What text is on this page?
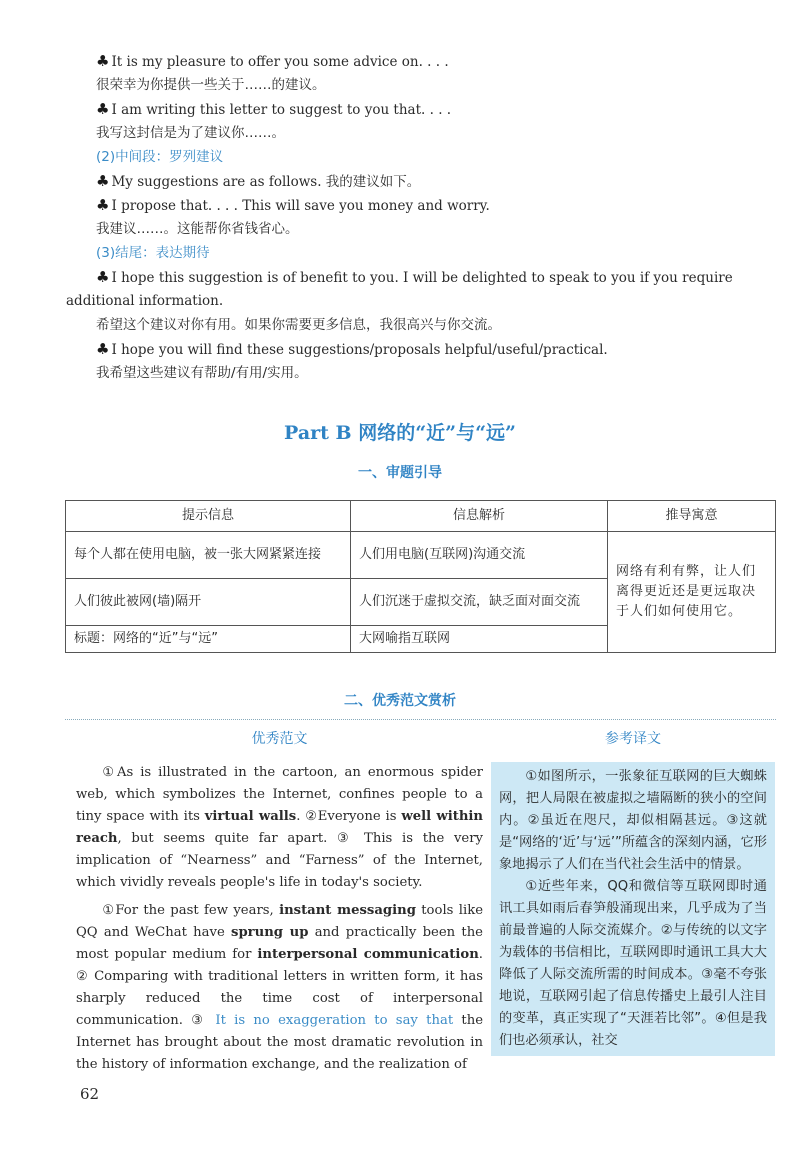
♣ It is my pleasure to offer you some advice on. . . .
很荣幸为你提供一些关于……的建议。
♣ I am writing this letter to suggest to you that. . . .
我写这封信是为了建议你……。
(2)中间段：罗列建议
♣ My suggestions are as follows. 我的建议如下。
♣ I propose that. . . . This will save you money and worry.
我建议……。这能帮你省钱省心。
(3)结尾：表达期待
♣ I hope this suggestion is of benefit to you. I will be delighted to speak to you if you require
additional information.
希望这个建议对你有用。如果你需要更多信息，我很高兴与你交流。
♣ I hope you will find these suggestions/proposals helpful/useful/practical.
我希望这些建议有帮助/有用/实用。
Part B 网络的“近”与“远”
一、审题引导
提示信息	信息解析	推导寓意
每个人都在使用电脑，被一张大网紧紧连接	人们用电脑(互联网)沟通交流	网络有利有弊，让人们离得更近还是更远取决于人们如何使用它。
人们彼此被网(墙)隔开	人们沉迷于虚拟交流，缺乏面对面交流	
标题：网络的“近”与“远”	大网喻指互联网	
二、优秀范文赏析
优秀范文

①As is illustrated in the cartoon, an enormous spider web, which symbolizes the Internet, confines people to a tiny space with its virtual walls. ②Everyone is well within reach, but seems quite far apart. ③ This is the very implication of “Nearness” and “Farness” of the Internet, which vividly reveals people's life in today's society.

①For the past few years, instant messaging tools like QQ and WeChat have sprung up and practically been the most popular medium for interpersonal communication. ② Comparing with traditional letters in written form, it has sharply reduced the time cost of interpersonal communication. ③ It is no exaggeration to say that the Internet has brought about the most dramatic revolution in the history of information exchange, and the realization of

参考译文

①如图所示，一张象征互联网的巨大蜘蛛网，把人局限在被虚拟之墙隔断的狭小的空间内。②虽近在咫尺，却似相隔甚远。③这就是“网络的‘近’与‘远’”所蕴含的深刻内涵，它形象地揭示了人们在当代社会生活中的情景。

①近些年来，QQ和微信等互联网即时通讯工具如雨后春笋般涌现出来，几乎成为了当前最普遍的人际交流媒介。②与传统的以文字为载体的书信相比，互联网即时通讯工具大大降低了人际交流所需的时间成本。③毫不夸张地说，互联网引起了信息传播史上最引人注目的变革，真正实现了“天涯若比邻”。④但是我们也必须承认，社交

62
